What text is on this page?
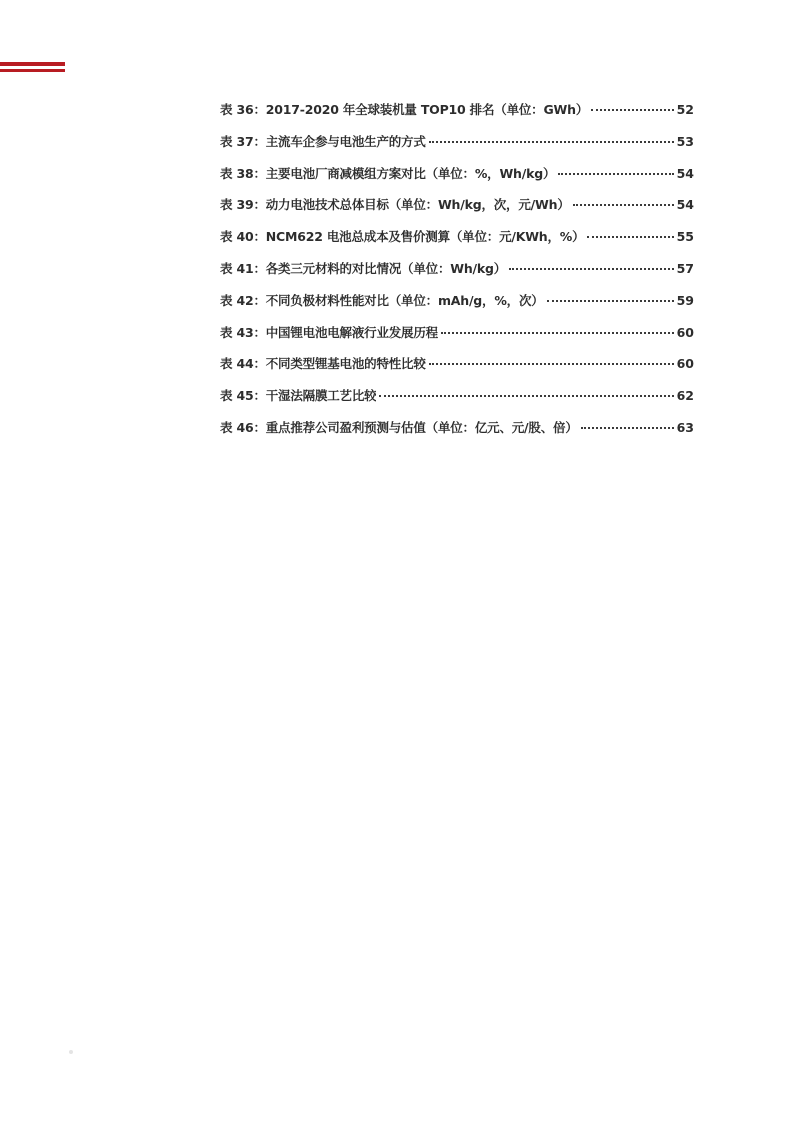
表 36：2017-2020 年全球装机量 TOP10 排名（单位：GWh）	52
表 37：主流车企参与电池生产的方式	53
表 38：主要电池厂商减模组方案对比（单位：%，Wh/kg）	54
表 39：动力电池技术总体目标（单位：Wh/kg，次，元/Wh）	54
表 40：NCM622 电池总成本及售价测算（单位：元/KWh，%）	55
表 41：各类三元材料的对比情况（单位：Wh/kg）	57
表 42：不同负极材料性能对比（单位：mAh/g，%，次）	59
表 43：中国锂电池电解液行业发展历程	60
表 44：不同类型锂基电池的特性比较	60
表 45：干湿法隔膜工艺比较	62
表 46：重点推荐公司盈利预测与估值（单位：亿元、元/股、倍）	63
